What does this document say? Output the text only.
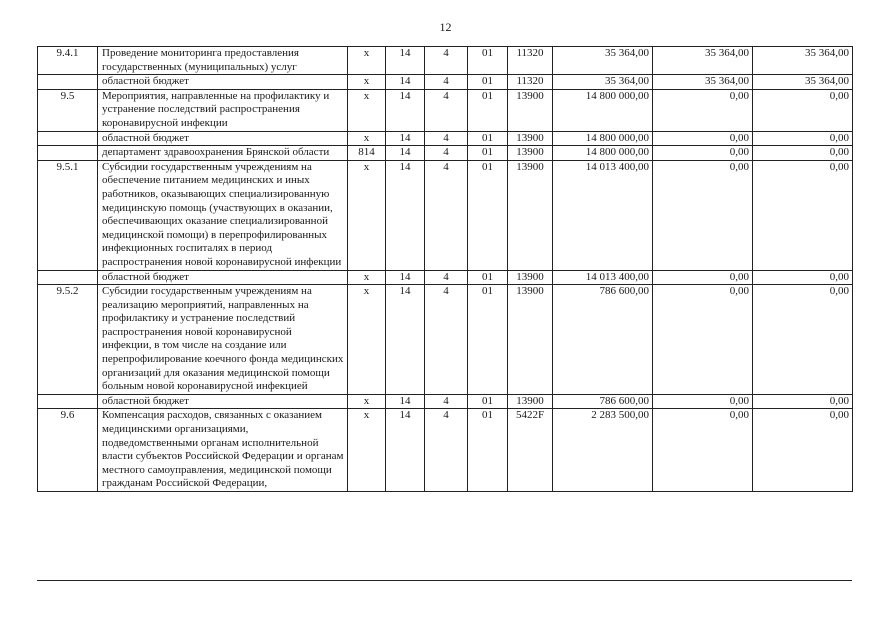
12
9.4.1	Проведение мониторинга предоставления государственных (муниципальных) услуг	x	14	4	01	11320	35 364,00	35 364,00	35 364,00
	областной бюджет	x	14	4	01	11320	35 364,00	35 364,00	35 364,00
9.5	Мероприятия, направленные на профилактику и устранение последствий распространения коронавирусной инфекции	x	14	4	01	13900	14 800 000,00	0,00	0,00
	областной бюджет	x	14	4	01	13900	14 800 000,00	0,00	0,00
	департамент здравоохранения Брянской области	814	14	4	01	13900	14 800 000,00	0,00	0,00
9.5.1	Субсидии государственным учреждениям на обеспечение питанием медицинских и иных работников, оказывающих специализированную медицинскую помощь (участвующих в оказании, обеспечивающих оказание специализированной медицинской помощи) в перепрофилированных инфекционных госпиталях в период распространения новой коронавирусной инфекции	x	14	4	01	13900	14 013 400,00	0,00	0,00
	областной бюджет	x	14	4	01	13900	14 013 400,00	0,00	0,00
9.5.2	Субсидии государственным учреждениям на реализацию мероприятий, направленных на профилактику и устранение последствий распространения новой коронавирусной инфекции, в том числе на создание или перепрофилирование коечного фонда медицинских организаций для оказания медицинской помощи больным новой коронавирусной инфекцией	x	14	4	01	13900	786 600,00	0,00	0,00
	областной бюджет	x	14	4	01	13900	786 600,00	0,00	0,00
9.6	Компенсация расходов, связанных с оказанием медицинскими организациями, подведомственными органам исполнительной власти субъектов Российской Федерации и органам местного самоуправления, медицинской помощи гражданам Российской Федерации,	x	14	4	01	5422F	2 283 500,00	0,00	0,00
